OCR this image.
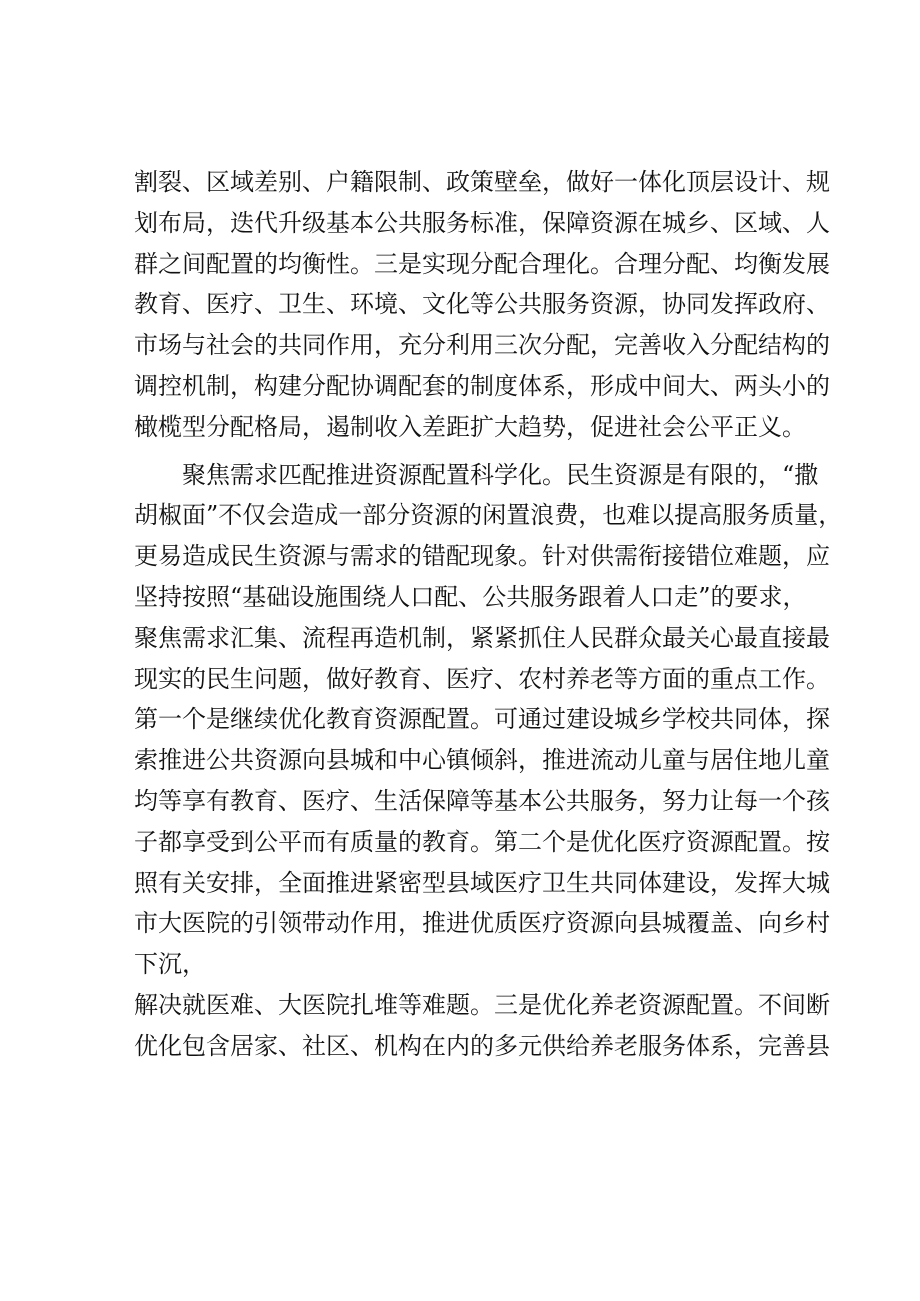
割裂、区域差别、户籍限制、政策壁垒，做好一体化顶层设计、规
划布局，迭代升级基本公共服务标准，保障资源在城乡、区域、人
群之间配置的均衡性。三是实现分配合理化。合理分配、均衡发展
教育、医疗、卫生、环境、文化等公共服务资源，协同发挥政府、
市场与社会的共同作用，充分利用三次分配，完善收入分配结构的
调控机制，构建分配协调配套的制度体系，形成中间大、两头小的
橄榄型分配格局，遏制收入差距扩大趋势，促进社会公平正义。
聚焦需求匹配推进资源配置科学化。民生资源是有限的，“撒
胡椒面”不仅会造成一部分资源的闲置浪费，也难以提高服务质量，
更易造成民生资源与需求的错配现象。针对供需衔接错位难题，应
坚持按照“基础设施围绕人口配、公共服务跟着人口走”的要求，
聚焦需求汇集、流程再造机制，紧紧抓住人民群众最关心最直接最
现实的民生问题，做好教育、医疗、农村养老等方面的重点工作。
第一个是继续优化教育资源配置。可通过建设城乡学校共同体，探
索推进公共资源向县城和中心镇倾斜，推进流动儿童与居住地儿童
均等享有教育、医疗、生活保障等基本公共服务，努力让每一个孩
子都享受到公平而有质量的教育。第二个是优化医疗资源配置。按
照有关安排，全面推进紧密型县域医疗卫生共同体建设，发挥大城
市大医院的引领带动作用，推进优质医疗资源向县城覆盖、向乡村
下沉，
解决就医难、大医院扎堆等难题。三是优化养老资源配置。不间断
优化包含居家、社区、机构在内的多元供给养老服务体系，完善县
